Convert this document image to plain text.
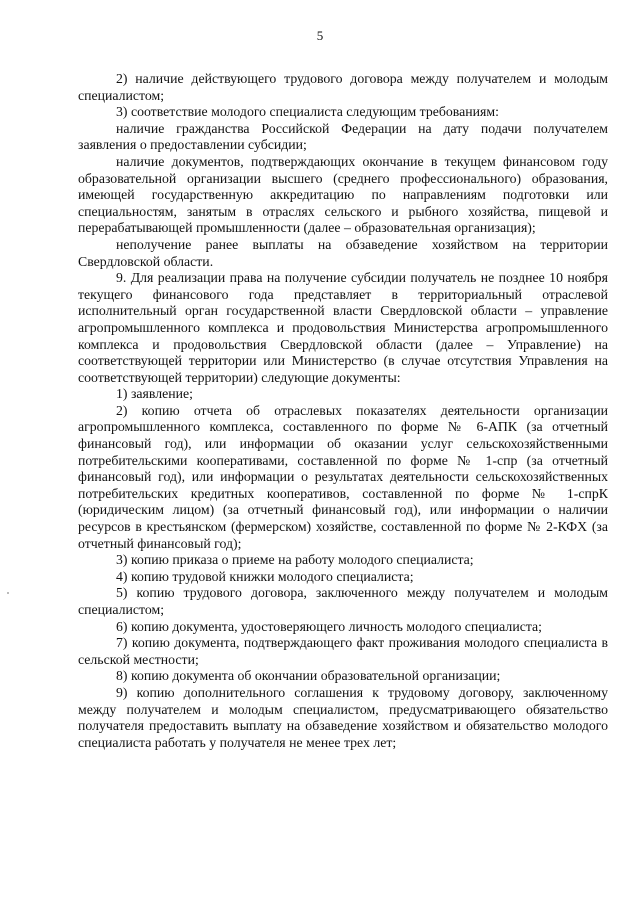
5

2) наличие действующего трудового договора между получателем и молодым специалистом;

3) соответствие молодого специалиста следующим требованиям:

наличие гражданства Российской Федерации на дату подачи получателем заявления о предоставлении субсидии;

наличие документов, подтверждающих окончание в текущем финансовом году образовательной организации высшего (среднего профессионального) образования, имеющей государственную аккредитацию по направлениям подготовки или специальностям, занятым в отраслях сельского и рыбного хозяйства, пищевой и перерабатывающей промышленности (далее – образовательная организация);

неполучение ранее выплаты на обзаведение хозяйством на территории Свердловской области.

9. Для реализации права на получение субсидии получатель не позднее 10 ноября текущего финансового года представляет в территориальный отраслевой исполнительный орган государственной власти Свердловской области – управление агропромышленного комплекса и продовольствия Министерства агропромышленного комплекса и продовольствия Свердловской области (далее – Управление) на соответствующей территории или Министерство (в случае отсутствия Управления на соответствующей территории) следующие документы:

1) заявление;

2) копию отчета об отраслевых показателях деятельности организации агропромышленного комплекса, составленного по форме № 6-АПК (за отчетный финансовый год), или информации об оказании услуг сельскохозяйственными потребительскими кооперативами, составленной по форме № 1-спр (за отчетный финансовый год), или информации о результатах деятельности сельскохозяйственных потребительских кредитных кооперативов, составленной по форме № 1-спрК (юридическим лицом) (за отчетный финансовый год), или информации о наличии ресурсов в крестьянском (фермерском) хозяйстве, составленной по форме № 2-КФХ (за отчетный финансовый год);

3) копию приказа о приеме на работу молодого специалиста;

4) копию трудовой книжки молодого специалиста;

5) копию трудового договора, заключенного между получателем и молодым специалистом;

6) копию документа, удостоверяющего личность молодого специалиста;

7) копию документа, подтверждающего факт проживания молодого специалиста в сельской местности;

8) копию документа об окончании образовательной организации;

9) копию дополнительного соглашения к трудовому договору, заключенному между получателем и молодым специалистом, предусматривающего обязательство получателя предоставить выплату на обзаведение хозяйством и обязательство молодого специалиста работать у получателя не менее трех лет;
